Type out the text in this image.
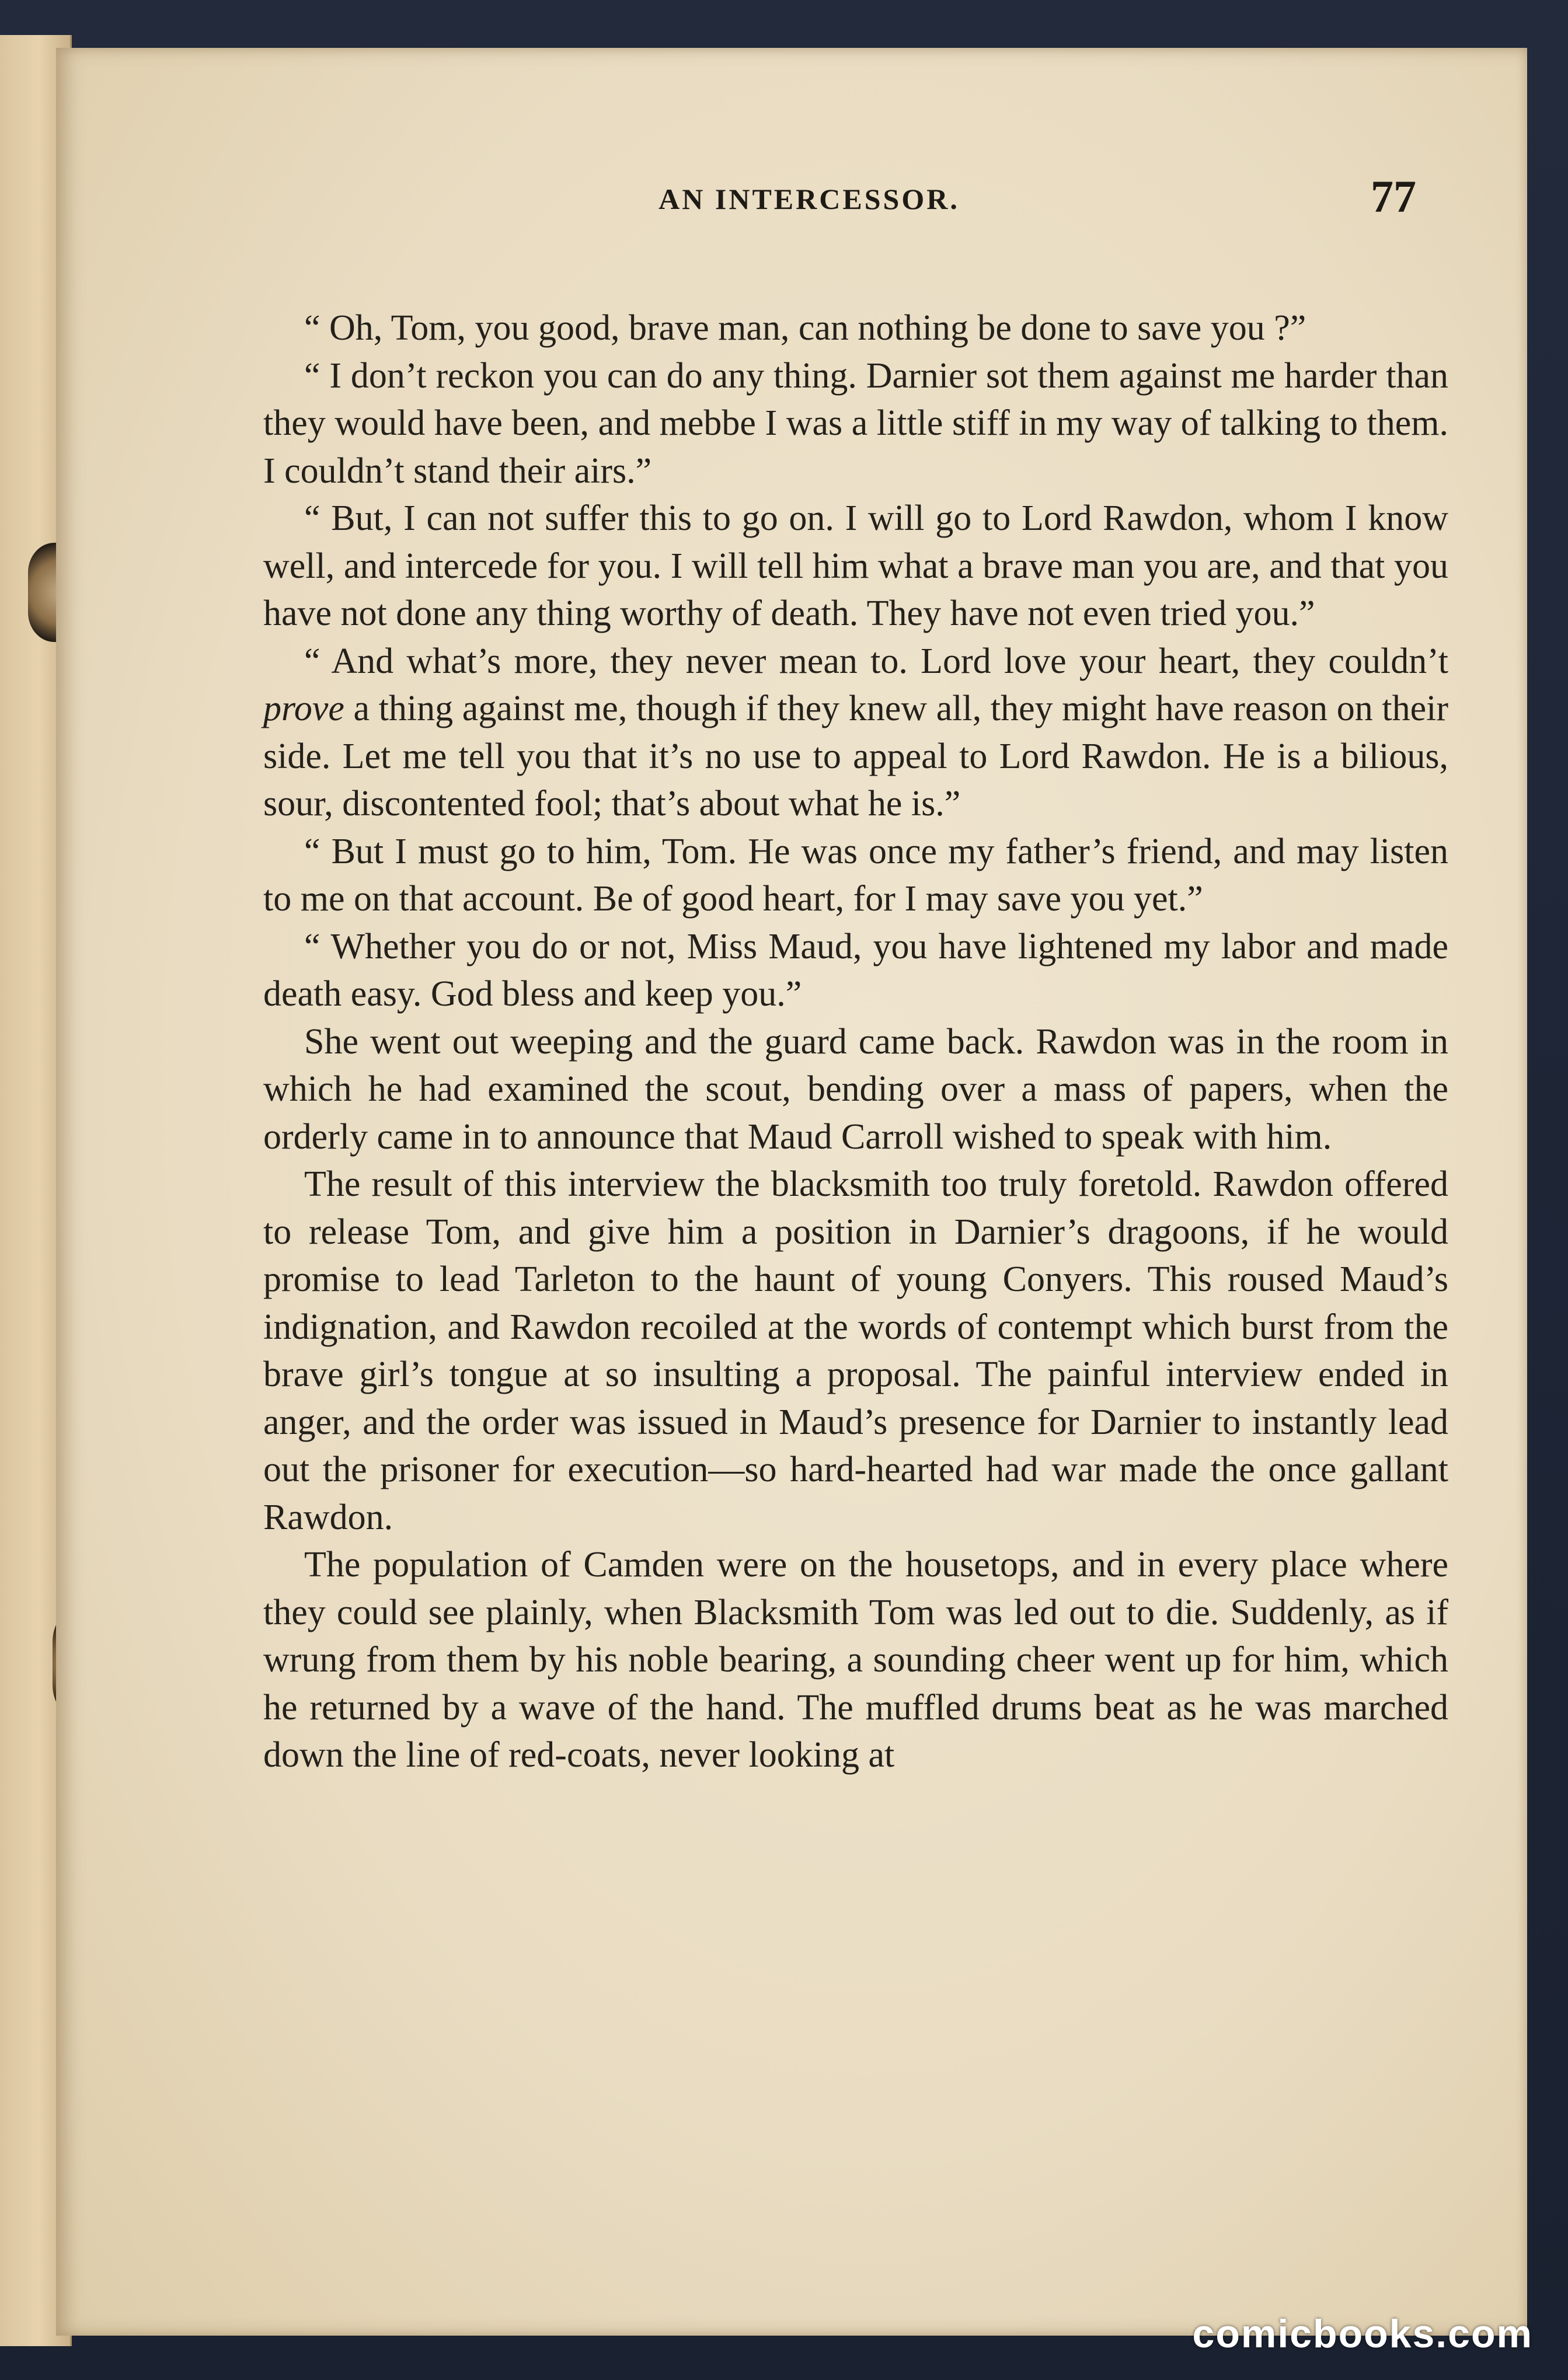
AN INTERCESSOR.	77

“ Oh, Tom, you good, brave man, can nothing be done to save you ?”

“ I don’t reckon you can do any thing. Darnier sot them against me harder than they would have been, and mebbe I was a little stiff in my way of talking to them. I couldn’t stand their airs.”

“ But, I can not suffer this to go on. I will go to Lord Rawdon, whom I know well, and intercede for you. I will tell him what a brave man you are, and that you have not done any thing worthy of death. They have not even tried you.”

“ And what’s more, they never mean to. Lord love your heart, they couldn’t prove a thing against me, though if they knew all, they might have reason on their side. Let me tell you that it’s no use to appeal to Lord Rawdon. He is a bilious, sour, discontented fool; that’s about what he is.”

“ But I must go to him, Tom. He was once my father’s friend, and may listen to me on that account. Be of good heart, for I may save you yet.”

“ Whether you do or not, Miss Maud, you have lightened my labor and made death easy. God bless and keep you.”

She went out weeping and the guard came back. Rawdon was in the room in which he had examined the scout, bending over a mass of papers, when the orderly came in to announce that Maud Carroll wished to speak with him.

The result of this interview the blacksmith too truly foretold. Rawdon offered to release Tom, and give him a position in Darnier’s dragoons, if he would promise to lead Tarleton to the haunt of young Conyers. This roused Maud’s indignation, and Rawdon recoiled at the words of contempt which burst from the brave girl’s tongue at so insulting a proposal. The painful interview ended in anger, and the order was issued in Maud’s presence for Darnier to instantly lead out the prisoner for execution—so hard-hearted had war made the once gallant Rawdon.

The population of Camden were on the housetops, and in every place where they could see plainly, when Blacksmith Tom was led out to die. Suddenly, as if wrung from them by his noble bearing, a sounding cheer went up for him, which he returned by a wave of the hand. The muffled drums beat as he was marched down the line of red-coats, never looking at

comicbooks.com
